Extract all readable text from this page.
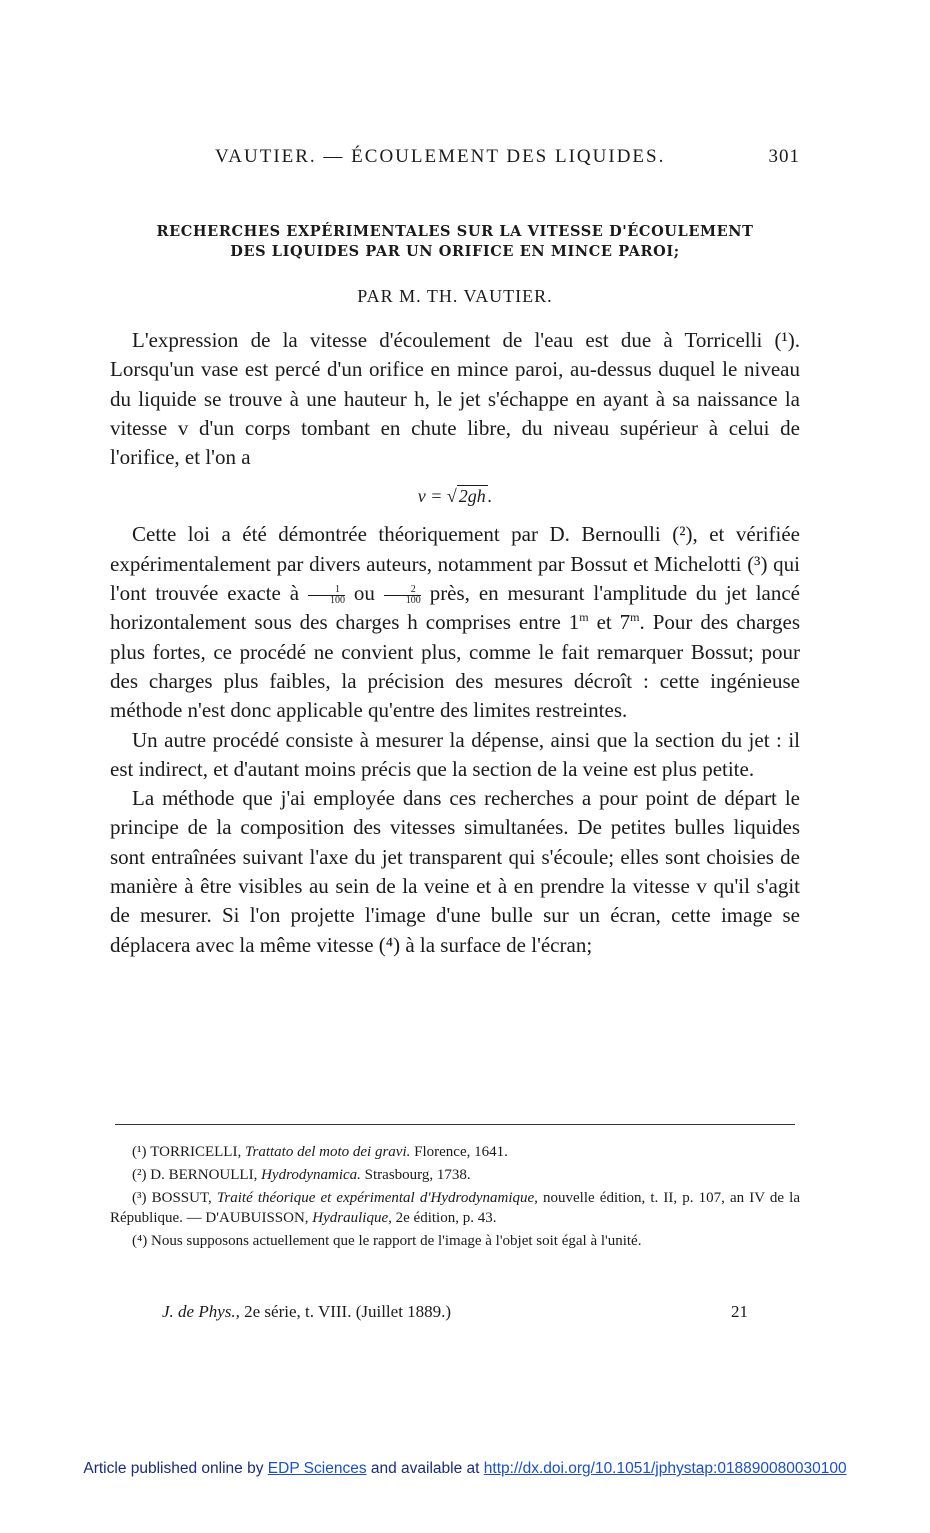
VAUTIER. — ÉCOULEMENT DES LIQUIDES.	301
RECHERCHES EXPÉRIMENTALES SUR LA VITESSE D'ÉCOULEMENT
DES LIQUIDES PAR UN ORIFICE EN MINCE PAROI;
PAR M. TH. VAUTIER.

L'expression de la vitesse d'écoulement de l'eau est due à Torricelli (¹). Lorsqu'un vase est percé d'un orifice en mince paroi, au-dessus duquel le niveau du liquide se trouve à une hauteur h, le jet s'échappe en ayant à sa naissance la vitesse v d'un corps tombant en chute libre, du niveau supérieur à celui de l'orifice, et l'on a

v = √ 2gh .

Cette loi a été démontrée théoriquement par D. Bernoulli (²), et vérifiée expérimentalement par divers auteurs, notamment par Bossut et Michelotti (³) qui l'ont trouvée exacte à $\frac{1}{100}$ ou $\frac{2}{100}$ près, en mesurant l'amplitude du jet lancé horizontalement sous des charges h comprises entre 1$^m$ et 7$^m$. Pour des charges plus fortes, ce procédé ne convient plus, comme le fait remarquer Bossut; pour des charges plus faibles, la précision des mesures décroît : cette ingénieuse méthode n'est donc applicable qu'entre des limites restreintes.

Un autre procédé consiste à mesurer la dépense, ainsi que la section du jet : il est indirect, et d'autant moins précis que la section de la veine est plus petite.

La méthode que j'ai employée dans ces recherches a pour point de départ le principe de la composition des vitesses simultanées. De petites bulles liquides sont entraînées suivant l'axe du jet transparent qui s'écoule; elles sont choisies de manière à être visibles au sein de la veine et à en prendre la vitesse v qu'il s'agit de mesurer. Si l'on projette l'image d'une bulle sur un écran, cette image se déplacera avec la même vitesse (⁴) à la surface de l'écran;

(¹) TORRICELLI, Trattato del moto dei gravi. Florence, 1641.

(²) D. BERNOULLI, Hydrodynamica. Strasbourg, 1738.

(³) BOSSUT, Traité théorique et expérimental d'Hydrodynamique, nouvelle édition, t. II, p. 107, an IV de la République. — D'AUBUISSON, Hydraulique, 2e édition, p. 43.

(⁴) Nous supposons actuellement que le rapport de l'image à l'objet soit égal à l'unité.

J. de Phys., 2e série, t. VIII. (Juillet 1889.)	21
Article published online by EDP Sciences and available at http://dx.doi.org/10.1051/jphystap:018890080030100
